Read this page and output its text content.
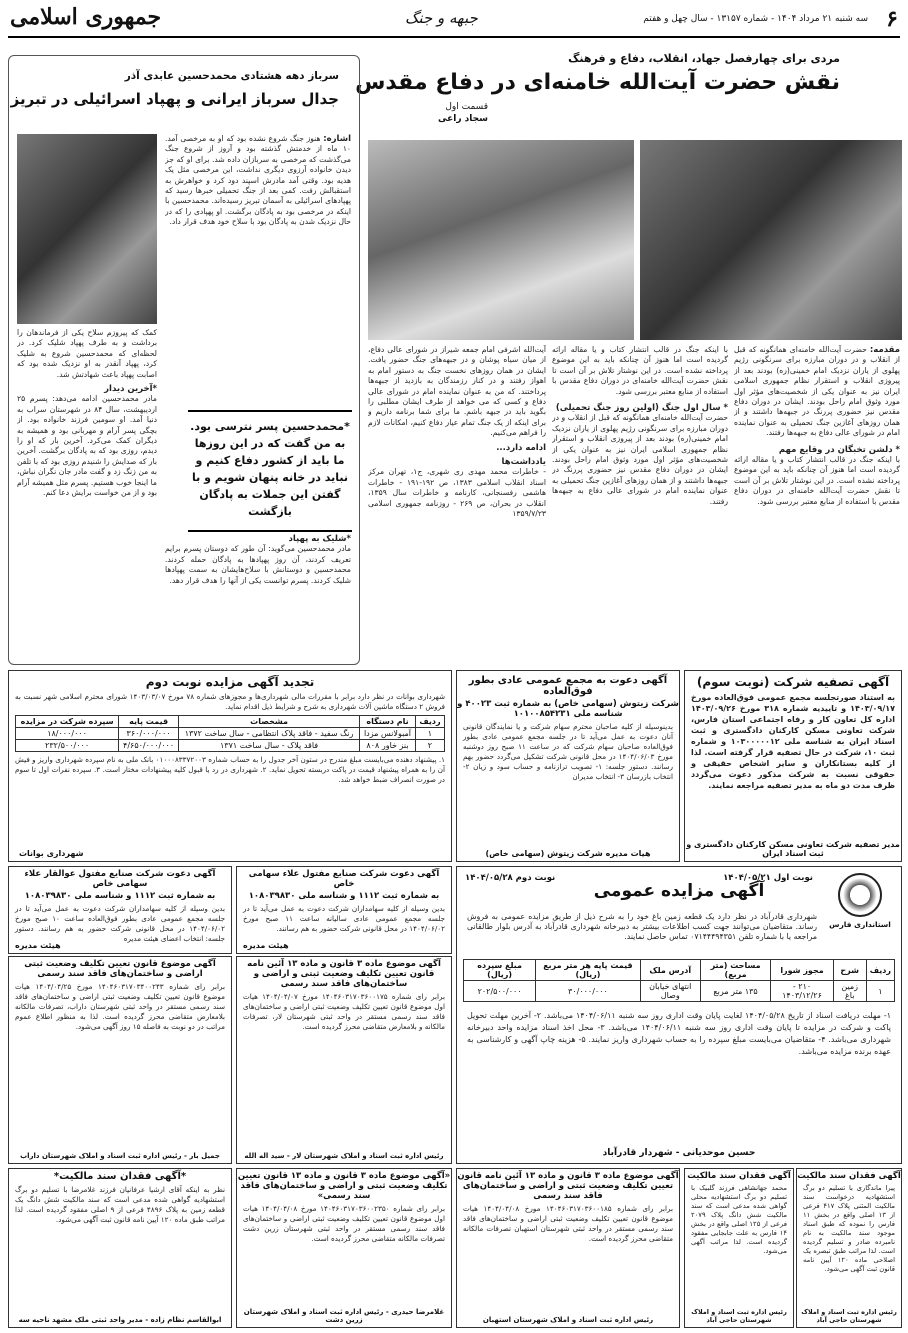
۶
سه شنبه ۲۱ مرداد ۱۴۰۴ - شماره ۱۳۱۵۷ - سال چهل و هفتم
جبهه و جنگ
جمهوری اسلامی
مردی برای چهارفصل جهاد، انقلاب، دفاع و فرهنگ
نقش حضرت آیت‌الله خامنه‌ای در دفاع مقدس
قسمت اول
سجاد راعی
مقدمه: حضرت آیت‌الله خامنه‌ای همانگونه که قبل از انقلاب و در دوران مبارزه برای سرنگونی رژیم پهلوی از یاران نزدیک امام خمینی(ره) بودند بعد از پیروزی انقلاب و استقرار نظام جمهوری اسلامی ایران نیز به عنوان یکی از شخصیت‌های مؤثر اول مورد وثوق امام راحل بودند. ایشان در دوران دفاع مقدس نیز حضوری پررنگ در جبهه‌ها داشتند و از همان روزهای آغازین جنگ تحمیلی به عنوان نماینده امام در شورای عالی دفاع به جبهه‌ها رفتند.
* دلشن تخبگان در وقایع مهم
با اینکه جنگ در قالب انتشار کتاب و یا مقاله ارائه گردیده است اما هنوز آن چنانکه باید به این موضوع پرداخته نشده است. در این نوشتار تلاش بر آن است تا نقش حضرت آیت‌الله خامنه‌ای در دوران دفاع مقدس با استفاده از منابع معتبر بررسی شود.
با اینکه جنگ در قالب انتشار کتاب و یا مقاله ارائه گردیده است اما هنوز آن چنانکه باید به این موضوع پرداخته نشده است. در این نوشتار تلاش بر آن است تا نقش حضرت آیت‌الله خامنه‌ای در دوران دفاع مقدس با استفاده از منابع معتبر بررسی شود.
* سال اول جنگ (اولین روز جنگ تحمیلی)
حضرت آیت‌الله خامنه‌ای همانگونه که قبل از انقلاب و در دوران مبارزه برای سرنگونی رژیم پهلوی از یاران نزدیک امام خمینی(ره) بودند بعد از پیروزی انقلاب و استقرار نظام جمهوری اسلامی ایران نیز به عنوان یکی از شخصیت‌های مؤثر اول مورد وثوق امام راحل بودند. ایشان در دوران دفاع مقدس نیز حضوری پررنگ در جبهه‌ها داشتند و از همان روزهای آغازین جنگ تحمیلی به عنوان نماینده امام در شورای عالی دفاع به جبهه‌ها رفتند.
آیت‌الله اشرفی امام جمعه شیراز در شورای عالی دفاع، از میان سیاه پوشان و در جبهه‌های جنگ حضور یافت. ایشان در همان روزهای نخست جنگ به دستور امام به اهواز رفتند و در کنار رزمندگان به بازدید از جبهه‌ها پرداختند. که من به عنوان نماینده امام در شورای عالی دفاع و کسی که می خواهد از طرف ایشان مطلبی را بگوید باید در جبهه باشم. ما برای شما برنامه داریم و برای اینکه از یک جنگ تمام عیار دفاع کنیم، امکانات لازم را فراهم می‌کنیم.
ادامه دارد...
یادداشت‌ها
- خاطرات محمد مهدی ری شهری، ج۱، تهران مرکز اسناد انقلاب اسلامی ۱۳۸۳، ص ۱۹۲-۱۹۱ - خاطرات هاشمی رفسنجانی، کارنامه و خاطرات سال ۱۳۵۹، انقلاب در بحران، ص ۲۶۹ - روزنامه جمهوری اسلامی ۱۳۵۹/۷/۲۳
سرباز دهه هشتادی محمدحسین عابدی آذر
جدال سرباز ایرانی و پهپاد اسرائیلی در تبریز
اشاره: هنوز جنگ شروع نشده بود که او به مرخصی آمد. ۱۰ ماه از خدمتش گذشته بود و آروز از شروع جنگ می‌گذشت که مرخصی به سربازان داده شد. برای او که جز دیدن خانواده آرزوی دیگری نداشت، این مرخصی مثل یک هدیه بود. وقتی آمد مادرش اسپند دود کرد و خواهرش به استقبالش رفت. کمی بعد از جنگ تحمیلی خبرها رسید که پهپادهای اسرائیلی به آسمان تبریز رسیده‌اند. محمدحسین با اینکه در مرخصی بود به پادگان برگشت. او پهپادی را که در حال نزدیک شدن به پادگان بود با سلاح خود هدف قرار داد.
کمک که پیروزم سلاح یکی از فرماندهان را برداشت و به طرف پهپاد شلیک کرد. در لحظه‌ای که محمدحسین شروع به شلیک کرد، پهپاد آنقدر به او نزدیک شده بود که اصابت پهپاد باعث شهادتش شد.
*آخرین دیدار
مادر محمدحسین ادامه می‌دهد: پسرم ۲۵ اردیبهشت، سال ۸۴ در شهرستان سراب به دنیا آمد. او سومین فرزند خانواده بود. از بچگی پسر آرام و مهربانی بود و همیشه به دیگران کمک می‌کرد. آخرین بار که او را دیدم، روزی بود که به پادگان برگشت. آخرین بار که صدایش را شنیدم روزی بود که با تلفن به من زنگ زد و گفت مادر جان نگران نباش، ما اینجا خوب هستیم. پسرم مثل همیشه آرام بود و از من خواست برایش دعا کنم.
*شلیک به پهپاد
مادر محمدحسین می‌گوید: آن طور که دوستان پسرم برایم تعریف کردند، آن روز پهپادها به پادگان حمله کردند. محمدحسین و دوستانش با سلاح‌هایشان به سمت پهپادها شلیک کردند. پسرم توانست یکی از آنها را هدف قرار دهد.
*محمدحسین پسر نترسی بود. به من گفت که در این روزها ما باید از کشور دفاع کنیم و نباید در خانه پنهان شویم و با گفتن این جملات به پادگان بازگشت
تجدید آگهی مزایده نوبت دوم
شهرداری بوانات در نظر دارد برابر با مقررات مالی شهرداری‌ها و مجوزهای شماره ۷۸ مورخ ۱۴۰۳/۰۳/۰۷ شورای محترم اسلامی شهر نسبت به فروش ۲ دستگاه ماشین آلات شهرداری به شرح و شرایط ذیل اقدام نماید.
ردیف	نام دستگاه	مشخصات	قیمت پایه	سپرده شرکت در مزایده
۱	آمبولانس مزدا	رنگ سفید - فاقد پلاک انتظامی - سال ساخت ۱۳۷۲	۳۶۰/۰۰۰/۰۰۰	۱۸/۰۰۰/۰۰۰
۲	بنز خاور ۸۰۸	فاقد پلاک - سال ساخت ۱۳۷۱	۴/۶۵۰/۰۰۰/۰۰۰	۲۳۲/۵۰۰/۰۰۰
۱. پیشنهاد دهنده می‌بایست مبلغ مندرج در ستون آخر جدول را به حساب شماره ۰۱۰۰۰۸۳۳۷۲۰۰۳ بانک ملی به نام سپرده شهرداری واریز و فیش آن را به همراه پیشنهاد قیمت در پاکت دربسته تحویل نماید. ۲. شهرداری در رد یا قبول کلیه پیشنهادات مختار است. ۳. سپرده نفرات اول تا سوم در صورت انصراف ضبط خواهد شد.
شهرداری بوانات
آگهی دعوت به مجمع عمومی عادی بطور فوق‌العاده
شرکت زیتوش (سهامی خاص) به شماره ثبت ۴۰۰۲۳ و شناسه ملی ۱۰۱۰۰۸۵۴۲۳۱
بدینوسیله از کلیه صاحبان محترم سهام شرکت و یا نمایندگان قانونی آنان دعوت به عمل می‌آید تا در جلسه مجمع عمومی عادی بطور فوق‌العاده صاحبان سهام شرکت که در ساعت ۱۱ صبح روز دوشنبه مورخ ۱۴۰۴/۰۶/۰۳ در محل قانونی شرکت تشکیل می‌گردد حضور بهم رسانند. دستور جلسه: ۱- تصویب ترازنامه و حساب سود و زیان ۲- انتخاب بازرسان ۳- انتخاب مدیران
هیات مدیره شرکت زیتوش (سهامی خاص)
آگهی تصفیه شرکت (نوبت سوم)
به استناد صورتجلسه مجمع عمومی فوق‌العاده مورخ ۱۴۰۳/۰۹/۱۷ و تاییدیه شماره ۳۱۸ مورخ ۱۴۰۳/۰۹/۲۶ اداره کل تعاون کار و رفاه اجتماعی استان فارس، شرکت تعاونی مسکن کارکنان دادگستری و ثبت اسناد ایران به شناسه ملی ۱۰۳۰۰۰۰۰۱۲ و شماره ثبت ۱۰، شرکت در حال تصفیه قرار گرفته است. لذا از کلیه بستانکاران و سایر اشخاص حقیقی و حقوقی نسبت به شرکت مذکور دعوت می‌گردد ظرف مدت دو ماه به مدیر تصفیه مراجعه نمایند.
مدیر تصفیه شرکت تعاونی مسکن کارکنان دادگستری و ثبت اسناد ایران
آگهی دعوت شرکت صنایع مفتول عوالقار علاء سهامی خاص
به شماره ثبت ۱۱۱۲ و شناسه ملی ۱۰۸۰۳۹۸۳۰
بدین وسیله از کلیه سهامداران شرکت دعوت به عمل می‌آید تا در جلسه مجمع عمومی عادی بطور فوق‌العاده ساعت ۱۰ صبح مورخ ۱۴۰۴/۰۶/۰۲ در محل قانونی شرکت حضور به هم رسانند. دستور جلسه: انتخاب اعضای هیئت مدیره
هیئت مدیره
آگهی دعوت شرکت صنایع مفتول علاء سهامی خاص
به شماره ثبت ۱۱۱۲ و شناسه ملی ۱۰۸۰۳۹۸۳۰
بدین وسیله از کلیه سهامداران شرکت دعوت به عمل می‌آید تا در جلسه مجمع عمومی عادی سالیانه ساعت ۱۱ صبح مورخ ۱۴۰۴/۰۶/۰۲ در محل قانونی شرکت حضور به هم رسانند.
هیئت مدیره
نوبت اول ۱۴۰۴/۰۵/۲۱
نوبت دوم ۱۴۰۴/۰۵/۲۸
استانداری فارس
آگهی مزایده عمومی
شهرداری قادرآباد در نظر دارد یک قطعه زمین باغ خود را به شرح ذیل از طریق مزایده عمومی به فروش رساند. متقاضیان می‌توانند جهت کسب اطلاعات بیشتر به دبیرخانه شهرداری قادرآباد به آدرس بلوار طالقانی مراجعه یا با شماره تلفن ۰۷۱۴۴۴۹۴۳۵۱ تماس حاصل نمایند.
ردیف	شرح	مجوز شورا	مساحت (متر مربع)	آدرس ملک	قیمت پایه هر متر مربع (ریال)	مبلغ سپرده (ریال)
۱	زمین باغ	۲۱۰ - ۱۴۰۳/۱۲/۲۶	۱۳۵ متر مربع	انتهای خیابان وصال	۳۰/۰۰۰/۰۰۰	۲۰۲/۵۰۰/۰۰۰
۱- مهلت دریافت اسناد از تاریخ ۱۴۰۴/۰۵/۲۸ لغایت پایان وقت اداری روز سه شنبه ۱۴۰۴/۰۶/۱۱ می‌باشد. ۲- آخرین مهلت تحویل پاکت و شرکت در مزایده تا پایان وقت اداری روز سه شنبه ۱۴۰۴/۰۶/۱۱ می‌باشد. ۳- محل اخذ اسناد مزایده واحد دبیرخانه شهرداری می‌باشد. ۴- متقاضیان می‌بایست مبلغ سپرده را به حساب شهرداری واریز نمایند. ۵- هزینه چاپ آگهی و کارشناسی به عهده برنده مزایده می‌باشد.
حسین موحدیانی - شهردار قادرآباد
آگهی موضوع قانون تعیین تکلیف وضعیت ثبتی اراضی و ساختمان‌های فاقد سند رسمی
برابر رای شماره ۱۴۰۴۶۰۳۱۷۰۳۴۰۰۲۴۳ مورخ ۱۴۰۴/۰۴/۲۵ هیات موضوع قانون تعیین تکلیف وضعیت ثبتی اراضی و ساختمان‌های فاقد سند رسمی مستقر در واحد ثبتی شهرستان داراب، تصرفات مالکانه بلامعارض متقاضی محرز گردیده است. لذا به منظور اطلاع عموم مراتب در دو نوبت به فاصله ۱۵ روز آگهی می‌شود.
جمیل بار - رئیس اداره ثبت اسناد و املاک شهرستان داراب
آگهی موضوع ماده ۳ قانون و ماده ۱۳ آئین نامه قانون تعیین تکلیف وضعیت ثبتی و اراضی و ساختمان‌های فاقد سند رسمی
برابر رای شماره ۱۴۰۴۶۰۳۱۷۰۳۶۰۰۱۷۵ مورخ ۱۴۰۴/۰۴/۰۷ هیات اول موضوع قانون تعیین تکلیف وضعیت ثبتی اراضی و ساختمان‌های فاقد سند رسمی مستقر در واحد ثبتی شهرستان لار، تصرفات مالکانه و بلامعارض متقاضی محرز گردیده است.
رئیس اداره ثبت اسناد و املاک شهرستان لار - سید اله الله
*آگهی فقدان سند مالکیت*
نظر به اینکه آقای ارشیا عرفانیان فرزند غلامرضا با تسلیم دو برگ استشهادیه گواهی شده مدعی است که سند مالکیت شش دانگ یک قطعه زمین به پلاک ۴۸۹۶ فرعی از ۹ اصلی مفقود گردیده است. لذا مراتب طبق ماده ۱۲۰ آیین نامه قانون ثبت آگهی می‌شود.
ابوالقاسم نظام زاده - مدیر واحد ثبتی ملک مشهد ناحیه سه
«آگهی موضوع ماده ۳ قانون و ماده ۱۳ قانون تعیین تکلیف وضعیت ثبتی و اراضی و ساختمان‌های فاقد سند رسمی»
برابر رای شماره ۱۴۰۴۶۰۳۱۷۰۳۶۰۰۲۳۵۰ مورخ ۱۴۰۴/۰۴/۰۸ هیات اول موضوع قانون تعیین تکلیف وضعیت ثبتی اراضی و ساختمان‌های فاقد سند رسمی مستقر در واحد ثبتی شهرستان زرین دشت تصرفات مالکانه متقاضی محرز گردیده است.
غلامرضا حیدری - رئیس اداره ثبت اسناد و املاک شهرستان زرین دشت
آگهی موضوع ماده ۳ قانون و ماده ۱۳ آئین نامه قانون تعیین تکلیف وضعیت ثبتی و اراضی و ساختمان‌های فاقد سند رسمی
برابر رای شماره ۱۴۰۴۶۰۳۱۷۰۳۶۰۰۱۸۵ مورخ ۱۴۰۴/۰۴/۰۸ هیات موضوع قانون تعیین تکلیف وضعیت ثبتی اراضی و ساختمان‌های فاقد سند رسمی مستقر در واحد ثبتی شهرستان استهبان تصرفات مالکانه متقاضی محرز گردیده است.
رئیس اداره ثبت اسناد و املاک شهرستان استهبان
آگهی فقدان سند مالکیت
محمد جهانشاهی فرزند گلبیک با تسلیم دو برگ استشهادیه محلی گواهی شده مدعی است که سند مالکیت شش دانگ پلاک ۲۰۷۹ فرعی از ۱۲۵ اصلی واقع در بخش ۱۴ فارس به علت جابجایی مفقود گردیده است. لذا مراتب آگهی می‌شود.
رئیس اداره ثبت اسناد و املاک شهرستان حاجی آباد
آگهی فقدان سند مالکیت
پیرا ماندگاری با تسلیم دو برگ استشهادیه درخواست سند مالکیت المثنی پلاک ۴۱۷ فرعی از ۱۳ اصلی واقع در بخش ۱۱ فارس را نموده که طبق اسناد موجود سند مالکیت به نام نامبرده صادر و تسلیم گردیده است. لذا مراتب طبق تبصره یک اصلاحی ماده ۱۲۰ آیین نامه قانون ثبت آگهی می‌شود.
رئیس اداره ثبت اسناد و املاک شهرستان حاجی آباد
